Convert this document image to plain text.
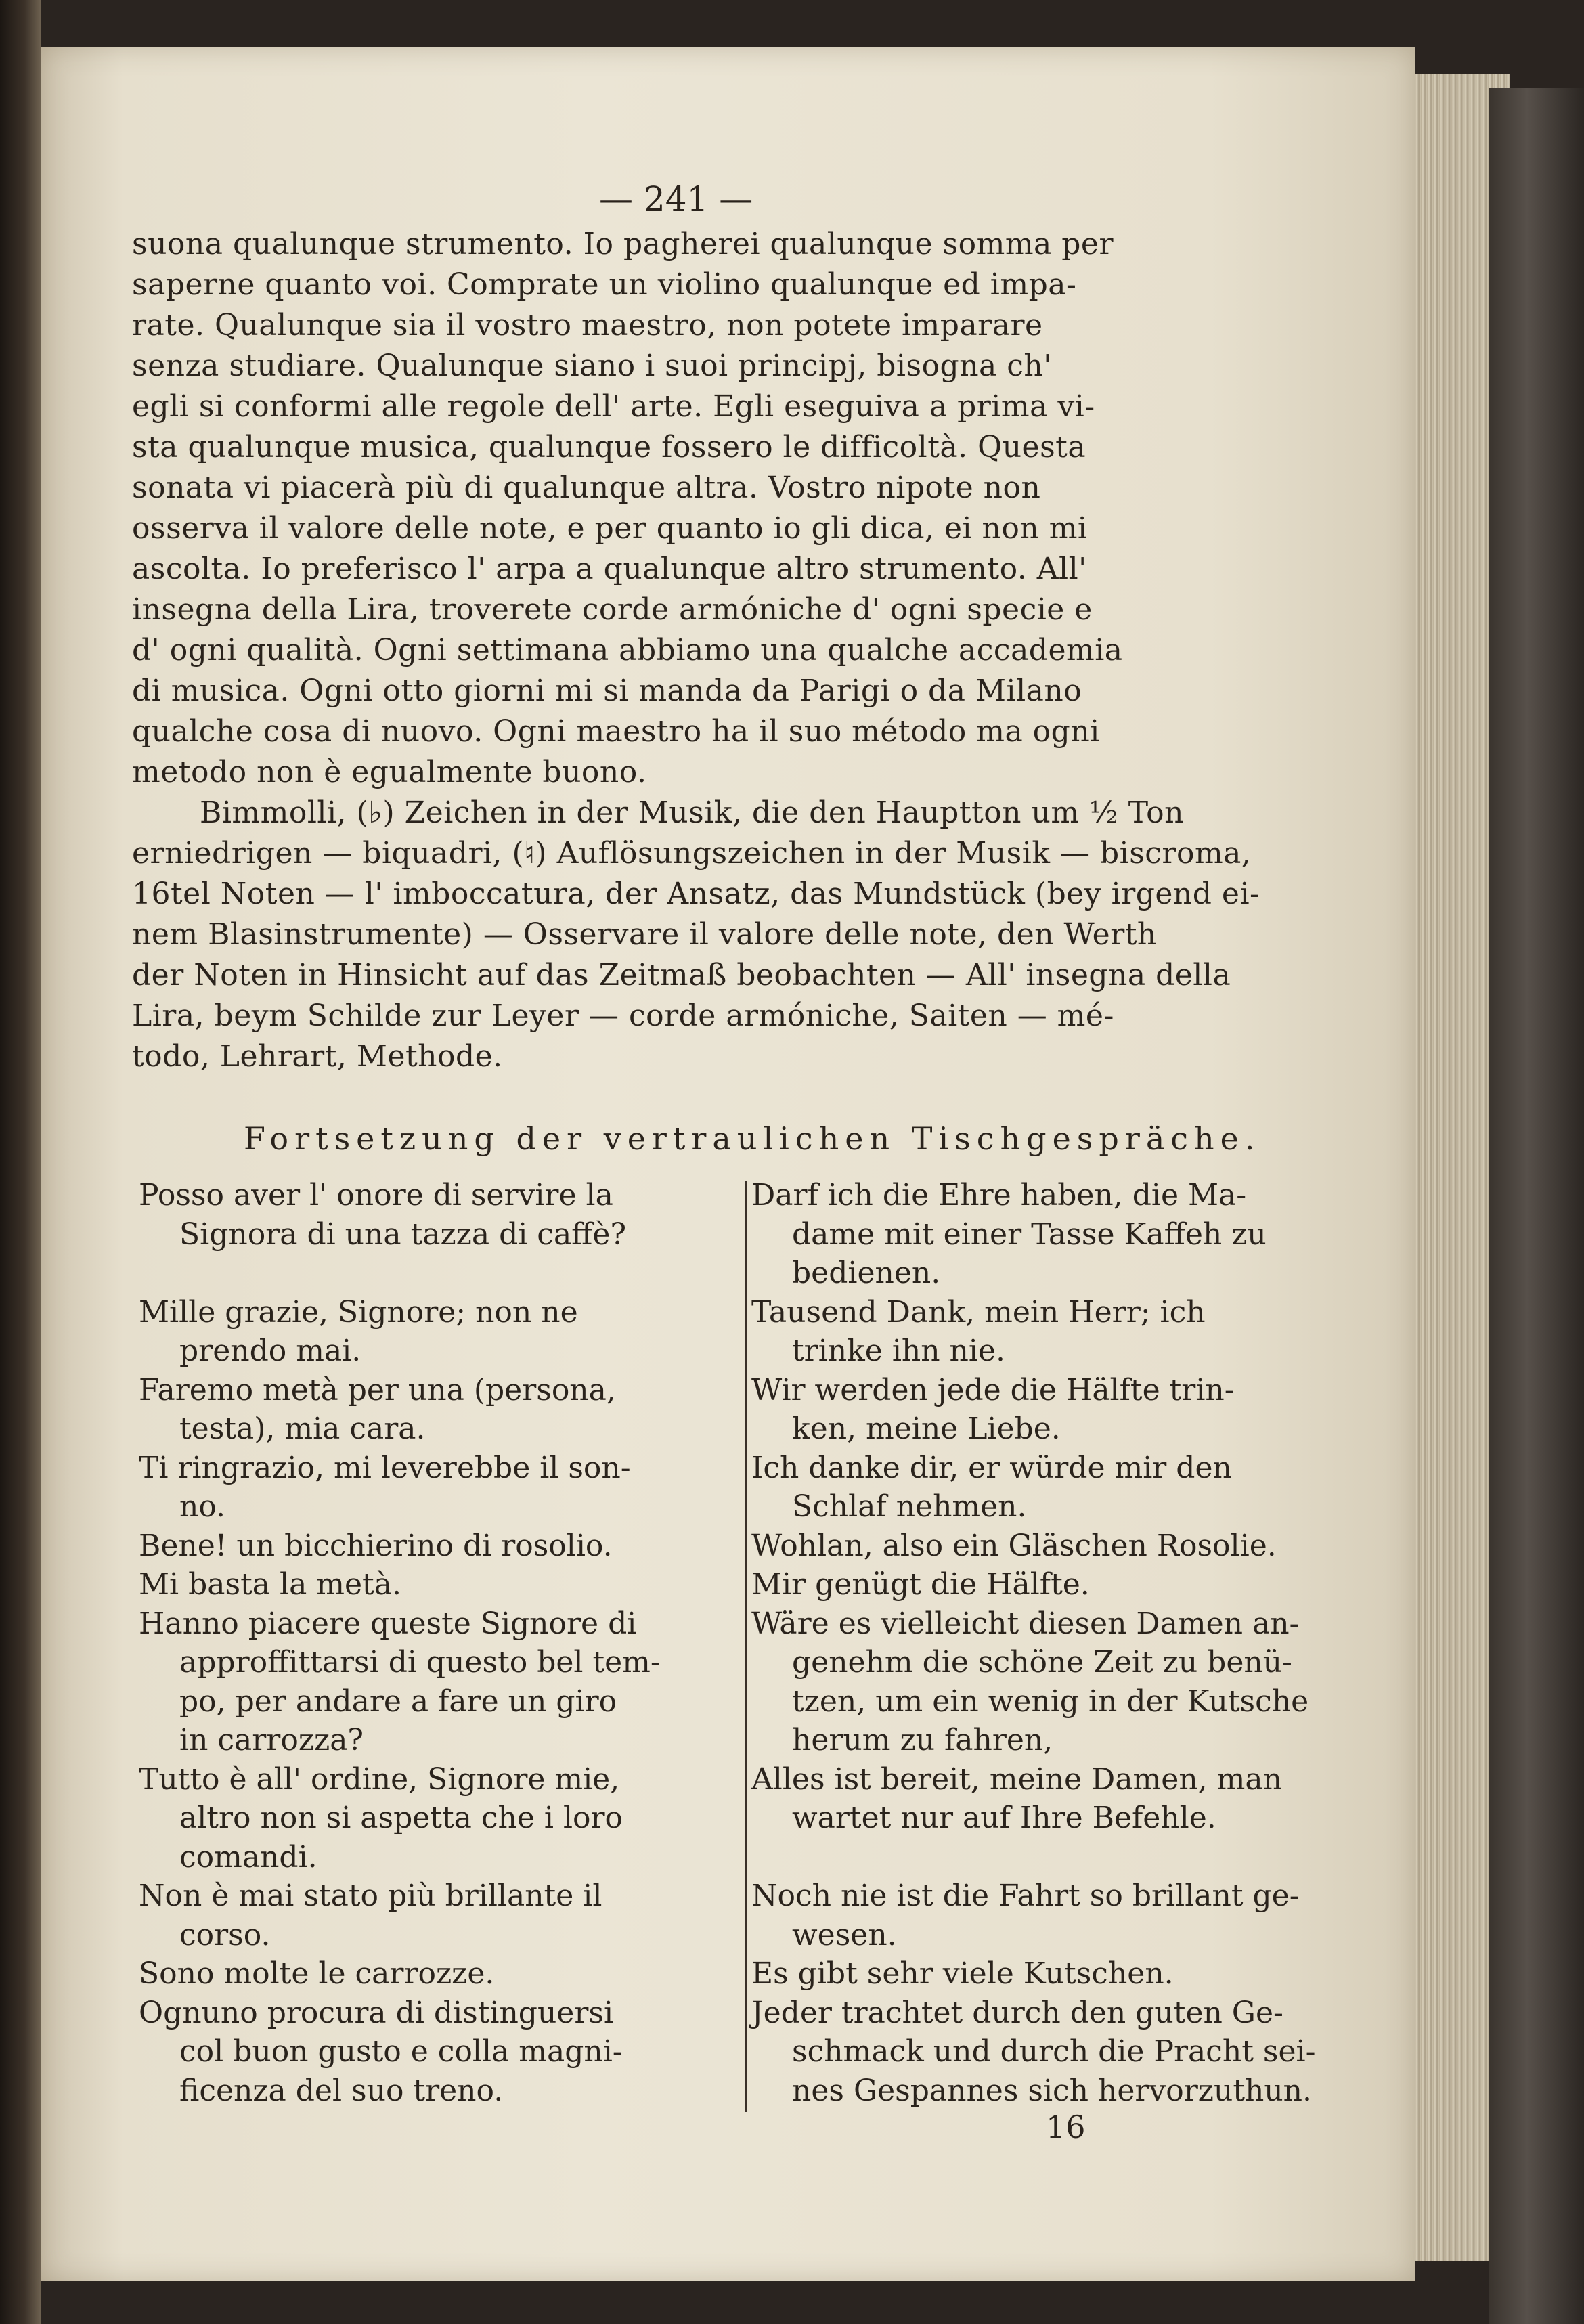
— 241 —
suona qualunque strumento. Io pagherei qualunque somma per
saperne quanto voi. Comprate un violino qualunque ed impa-
rate. Qualunque sia il vostro maestro, non potete imparare
senza studiare. Qualunque siano i suoi principj, bisogna ch'
egli si conformi alle regole dell' arte. Egli eseguiva a prima vi-
sta qualunque musica, qualunque fossero le difficoltà. Questa
sonata vi piacerà più di qualunque altra. Vostro nipote non
osserva il valore delle note, e per quanto io gli dica, ei non mi
ascolta. Io preferisco l' arpa a qualunque altro strumento. All'
insegna della Lira, troverete corde armóniche d' ogni specie e
d' ogni qualità. Ogni settimana abbiamo una qualche accademia
di musica. Ogni otto giorni mi si manda da Parigi o da Milano
qualche cosa di nuovo. Ogni maestro ha il suo método ma ogni
metodo non è egualmente buono.
Bimmolli, (♭) Zeichen in der Musik, die den Hauptton um ½ Ton
erniedrigen — biquadri, (♮) Auflösungszeichen in der Musik — biscroma,
16tel Noten — l' imboccatura, der Ansatz, das Mundstück (bey irgend ei-
nem Blasinstrumente) — Osservare il valore delle note, den Werth
der Noten in Hinsicht auf das Zeitmaß beobachten — All' insegna della
Lira, beym Schilde zur Leyer — corde armóniche, Saiten — mé-
todo, Lehrart, Methode.
Fortsetzung der vertraulichen Tischgespräche.
Posso aver l' onore di servire la
Signora di una tazza di caffè?
Mille grazie, Signore; non ne
prendo mai.
Faremo metà per una (persona,
testa), mia cara.
Ti ringrazio, mi leverebbe il son-
no.
Bene! un bicchierino di rosolio.
Mi basta la metà.
Hanno piacere queste Signore di
approffittarsi di questo bel tem-
po, per andare a fare un giro
in carrozza?
Tutto è all' ordine, Signore mie,
altro non si aspetta che i loro
comandi.
Non è mai stato più brillante il
corso.
Sono molte le carrozze.
Ognuno procura di distinguersi
col buon gusto e colla magni-
ficenza del suo treno.
Darf ich die Ehre haben, die Ma-
dame mit einer Tasse Kaffeh zu
bedienen.
Tausend Dank, mein Herr; ich
trinke ihn nie.
Wir werden jede die Hälfte trin-
ken, meine Liebe.
Ich danke dir, er würde mir den
Schlaf nehmen.
Wohlan, also ein Gläschen Rosolie.
Mir genügt die Hälfte.
Wäre es vielleicht diesen Damen an-
genehm die schöne Zeit zu benü-
tzen, um ein wenig in der Kutsche
herum zu fahren,
Alles ist bereit, meine Damen, man
wartet nur auf Ihre Befehle.
Noch nie ist die Fahrt so brillant ge-
wesen.
Es gibt sehr viele Kutschen.
Jeder trachtet durch den guten Ge-
schmack und durch die Pracht sei-
nes Gespannes sich hervorzuthun.
16
